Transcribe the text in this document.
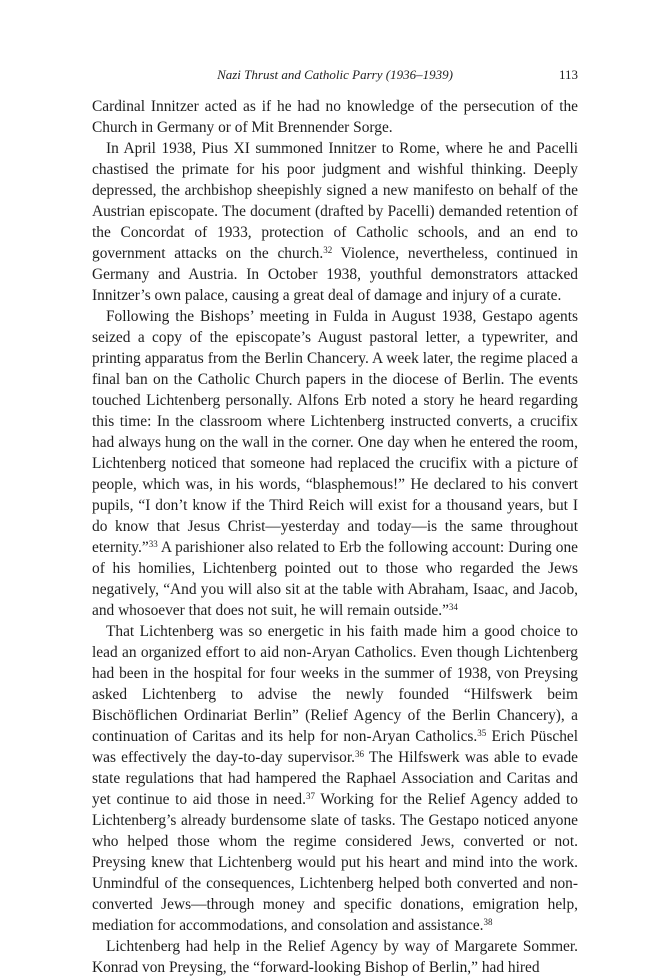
Nazi Thrust and Catholic Parry (1936–1939)	113

Cardinal Innitzer acted as if he had no knowledge of the persecution of the Church in Germany or of Mit Brennender Sorge.

In April 1938, Pius XI summoned Innitzer to Rome, where he and Pacelli chastised the primate for his poor judgment and wishful thinking. Deeply depressed, the archbishop sheepishly signed a new manifesto on behalf of the Austrian episcopate. The document (drafted by Pacelli) demanded retention of the Concordat of 1933, protection of Catholic schools, and an end to government attacks on the church.$^{32}$ Violence, nevertheless, continued in Germany and Austria. In October 1938, youthful demonstrators attacked Innitzer’s own palace, causing a great deal of damage and injury of a curate.

Following the Bishops’ meeting in Fulda in August 1938, Gestapo agents seized a copy of the episcopate’s August pastoral letter, a typewriter, and printing apparatus from the Berlin Chancery. A week later, the regime placed a final ban on the Catholic Church papers in the diocese of Berlin. The events touched Lichtenberg personally. Alfons Erb noted a story he heard regarding this time: In the classroom where Lichtenberg instructed converts, a crucifix had always hung on the wall in the corner. One day when he entered the room, Lichtenberg noticed that someone had replaced the crucifix with a picture of people, which was, in his words, “blasphemous!” He declared to his convert pupils, “I don’t know if the Third Reich will exist for a thousand years, but I do know that Jesus Christ—yesterday and today—is the same throughout eternity.”$^{33}$ A parishioner also related to Erb the following account: During one of his homilies, Lichtenberg pointed out to those who regarded the Jews negatively, “And you will also sit at the table with Abraham, Isaac, and Jacob, and whosoever that does not suit, he will remain outside.”$^{34}$

That Lichtenberg was so energetic in his faith made him a good choice to lead an organized effort to aid non-Aryan Catholics. Even though Lichtenberg had been in the hospital for four weeks in the summer of 1938, von Preysing asked Lichtenberg to advise the newly founded “Hilfswerk beim Bischöflichen Ordinariat Berlin” (Relief Agency of the Berlin Chancery), a continuation of Caritas and its help for non-Aryan Catholics.$^{35}$ Erich Püschel was effectively the day-to-day supervisor.$^{36}$ The Hilfswerk was able to evade state regulations that had hampered the Raphael Association and Caritas and yet continue to aid those in need.$^{37}$ Working for the Relief Agency added to Lichtenberg’s already burdensome slate of tasks. The Gestapo noticed anyone who helped those whom the regime considered Jews, converted or not. Preysing knew that Lichtenberg would put his heart and mind into the work. Unmindful of the consequences, Lichtenberg helped both converted and non-converted Jews—through money and specific donations, emigration help, mediation for accommodations, and consolation and assistance.$^{38}$

Lichtenberg had help in the Relief Agency by way of Margarete Sommer. Konrad von Preysing, the “forward-looking Bishop of Berlin,” had hired
